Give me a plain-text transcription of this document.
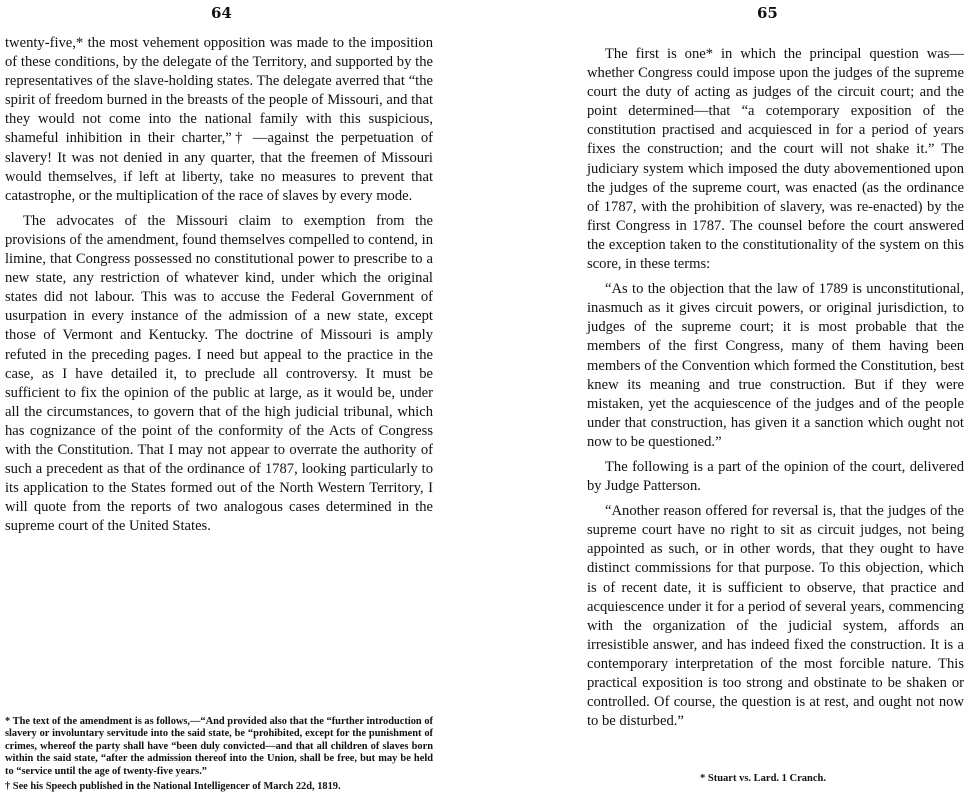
64

twenty-five,* the most vehement opposition was made to the imposition of these conditions, by the delegate of the Territory, and supported by the representatives of the slave-holding states. The delegate averred that “the spirit of freedom burned in the breasts of the people of Missouri, and that they would not come into the national family with this suspicious, shameful inhibition in their charter,”† —against the perpetuation of slavery! It was not denied in any quarter, that the freemen of Missouri would themselves, if left at liberty, take no measures to prevent that catastrophe, or the multiplication of the race of slaves by every mode.

The advocates of the Missouri claim to exemption from the provisions of the amendment, found themselves compelled to contend, in limine, that Congress possessed no constitutional power to prescribe to a new state, any restriction of whatever kind, under which the original states did not labour. This was to accuse the Federal Government of usurpation in every instance of the admission of a new state, except those of Vermont and Kentucky. The doctrine of Missouri is amply refuted in the preceding pages. I need but appeal to the practice in the case, as I have detailed it, to preclude all controversy. It must be sufficient to fix the opinion of the public at large, as it would be, under all the circumstances, to govern that of the high judicial tribunal, which has cognizance of the point of the conformity of the Acts of Congress with the Constitution. That I may not appear to overrate the authority of such a precedent as that of the ordinance of 1787, looking particularly to its application to the States formed out of the North Western Territory, I will quote from the reports of two analogous cases determined in the supreme court of the United States.

* The text of the amendment is as follows,—“And provided also that the “further introduction of slavery or involuntary servitude into the said state, be “prohibited, except for the punishment of crimes, whereof the party shall have “been duly convicted—and that all children of slaves born within the said state, “after the admission thereof into the Union, shall be free, but may be held to “service until the age of twenty-five years.”

† See his Speech published in the National Intelligencer of March 22d, 1819.

65

The first is one* in which the principal question was—whether Congress could impose upon the judges of the supreme court the duty of acting as judges of the circuit court; and the point determined—that “a cotemporary exposition of the constitution practised and acquiesced in for a period of years fixes the construction; and the court will not shake it.” The judiciary system which imposed the duty abovementioned upon the judges of the supreme court, was enacted (as the ordinance of 1787, with the prohibition of slavery, was re-enacted) by the first Congress in 1787. The counsel before the court answered the exception taken to the constitutionality of the system on this score, in these terms:

“As to the objection that the law of 1789 is unconstitutional, inasmuch as it gives circuit powers, or original jurisdiction, to judges of the supreme court; it is most probable that the members of the first Congress, many of them having been members of the Convention which formed the Constitution, best knew its meaning and true construction. But if they were mistaken, yet the acquiescence of the judges and of the people under that construction, has given it a sanction which ought not now to be questioned.”

The following is a part of the opinion of the court, delivered by Judge Patterson.

“Another reason offered for reversal is, that the judges of the supreme court have no right to sit as circuit judges, not being appointed as such, or in other words, that they ought to have distinct commissions for that purpose. To this objection, which is of recent date, it is sufficient to observe, that practice and acquiescence under it for a period of several years, commencing with the organization of the judicial system, affords an irresistible answer, and has indeed fixed the construction. It is a contemporary interpretation of the most forcible nature. This practical exposition is too strong and obstinate to be shaken or controlled. Of course, the question is at rest, and ought not now to be disturbed.”

* Stuart vs. Lard. 1 Cranch.
